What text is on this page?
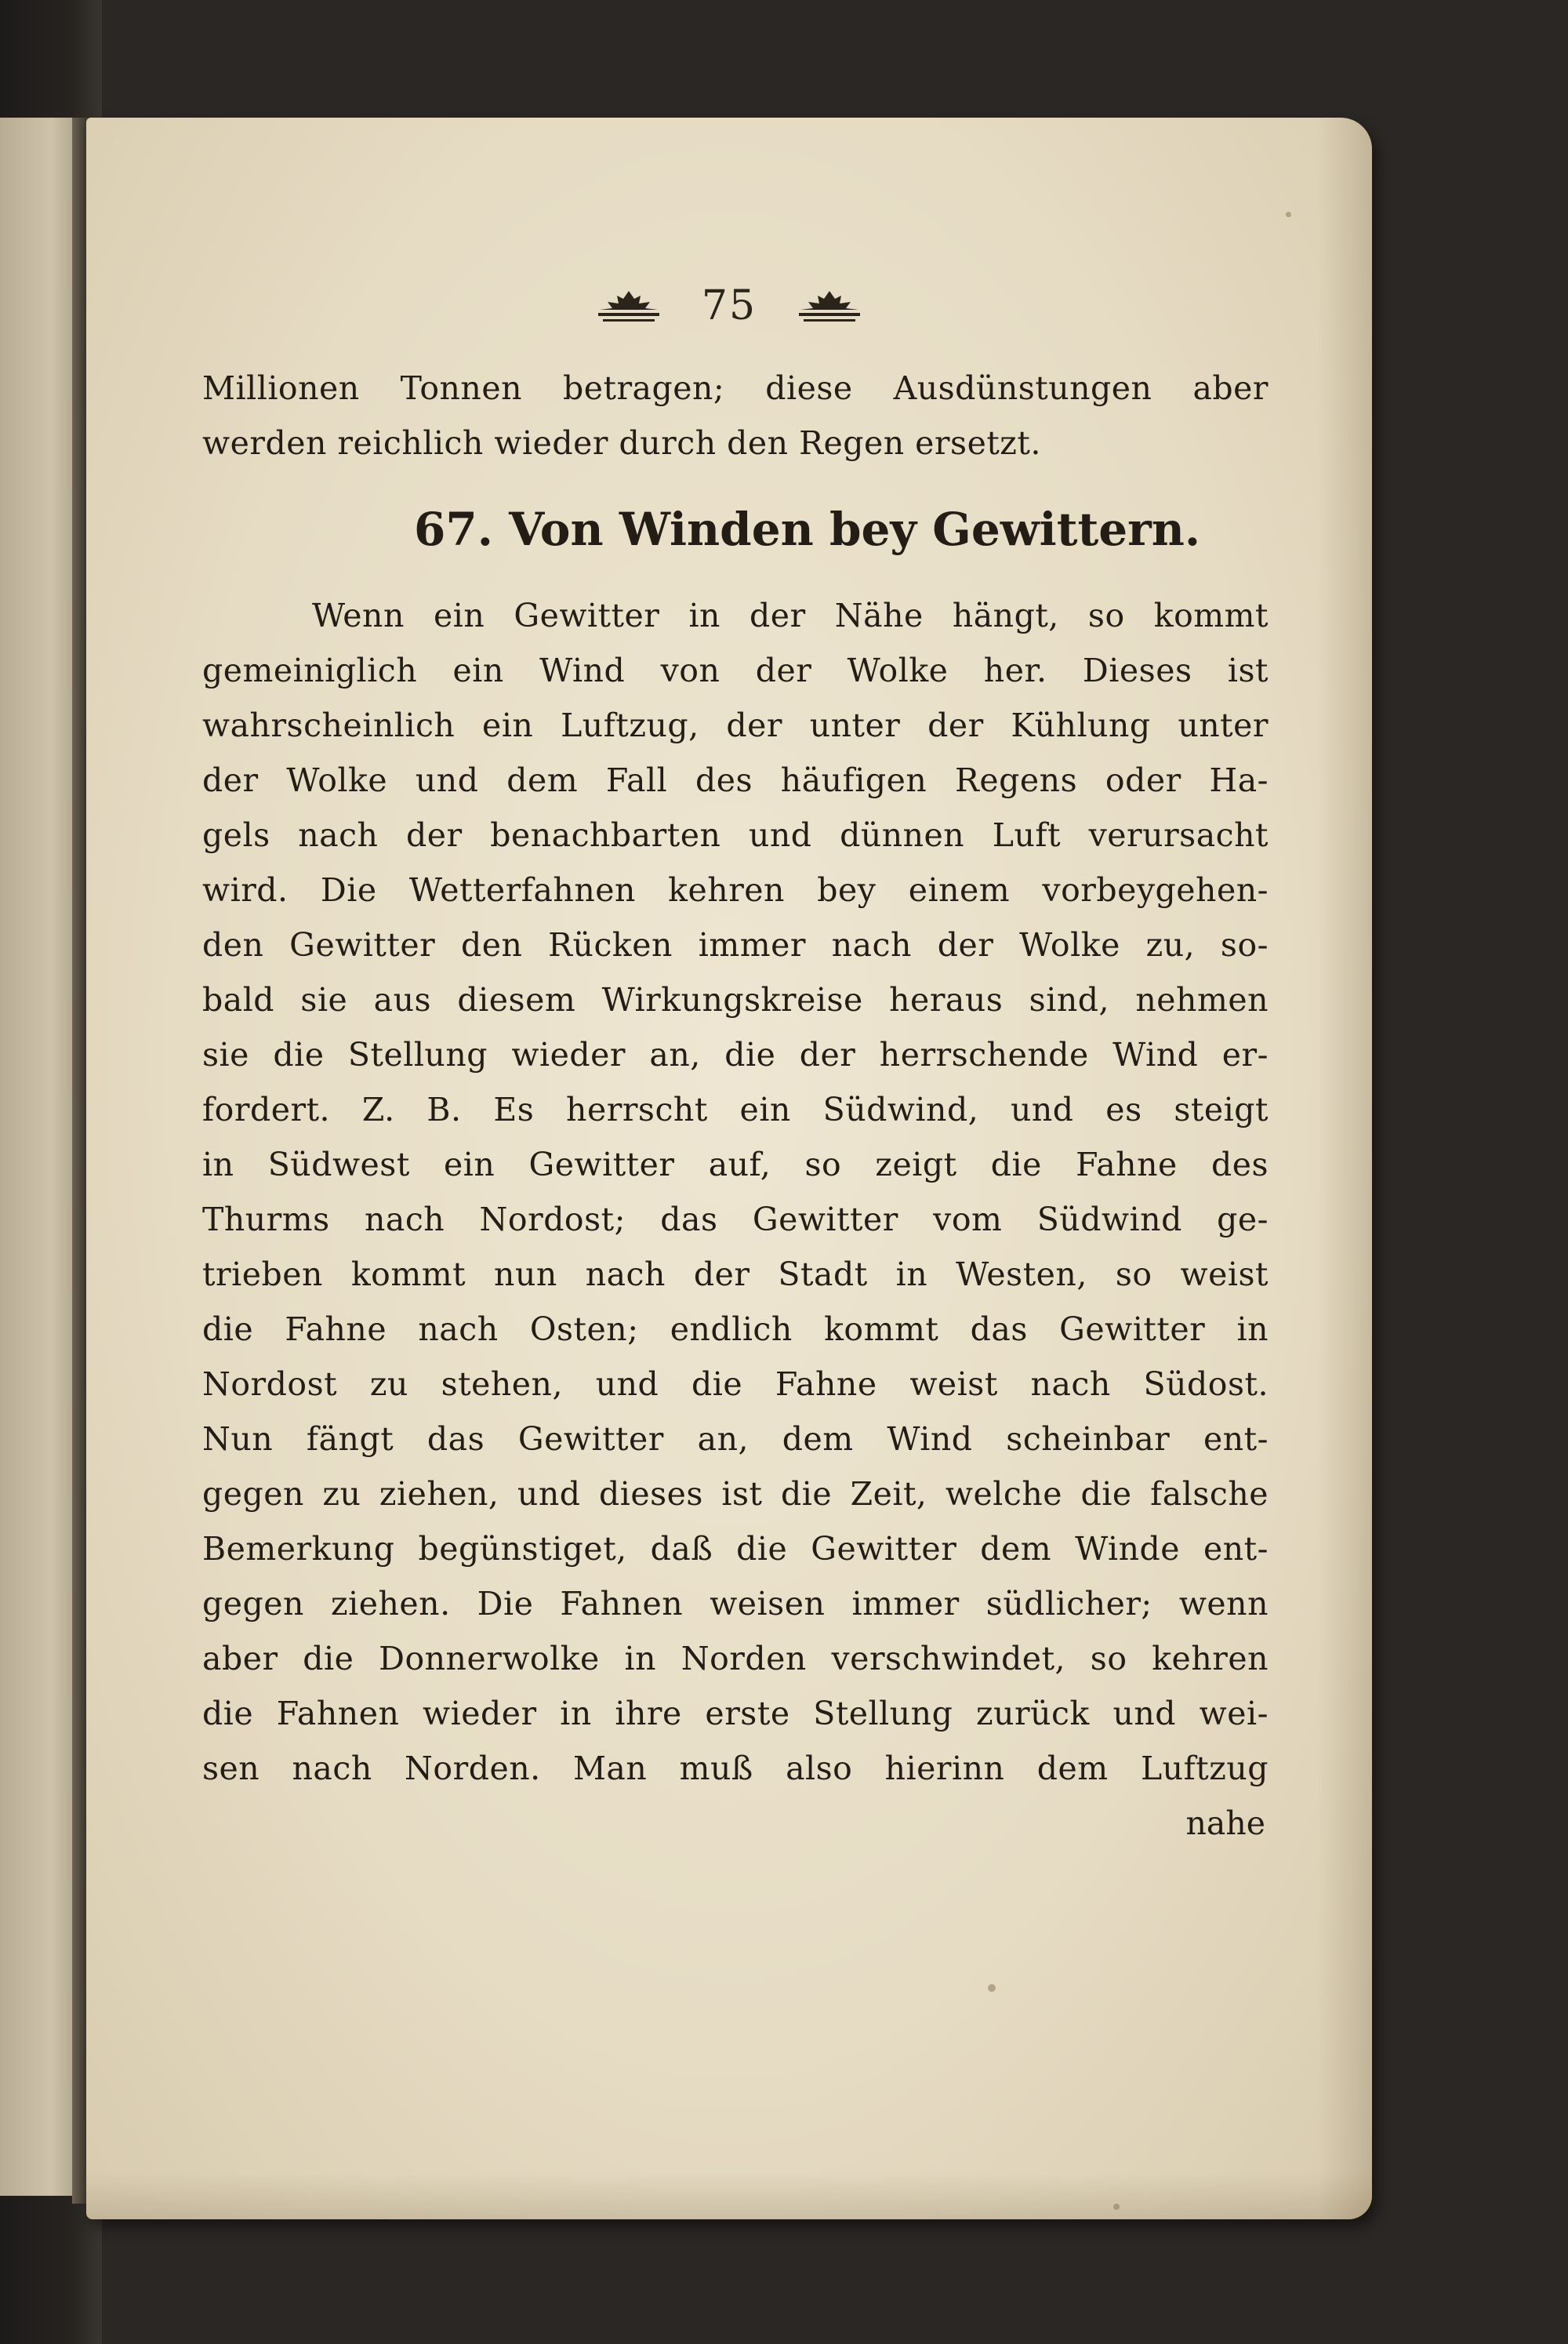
75
Millionen Tonnen betragen; diese Ausdünstungen aber
werden reichlich wieder durch den Regen ersetzt.
67. Von Winden bey Gewittern.
Wenn ein Gewitter in der Nähe hängt, so kommt
gemeiniglich ein Wind von der Wolke her. Dieses ist
wahrscheinlich ein Luftzug, der unter der Kühlung unter
der Wolke und dem Fall des häufigen Regens oder Ha-
gels nach der benachbarten und dünnen Luft verursacht
wird. Die Wetterfahnen kehren bey einem vorbeygehen-
den Gewitter den Rücken immer nach der Wolke zu, so-
bald sie aus diesem Wirkungskreise heraus sind, nehmen
sie die Stellung wieder an, die der herrschende Wind er-
fordert. Z. B. Es herrscht ein Südwind, und es steigt
in Südwest ein Gewitter auf, so zeigt die Fahne des
Thurms nach Nordost; das Gewitter vom Südwind ge-
trieben kommt nun nach der Stadt in Westen, so weist
die Fahne nach Osten; endlich kommt das Gewitter in
Nordost zu stehen, und die Fahne weist nach Südost.
Nun fängt das Gewitter an, dem Wind scheinbar ent-
gegen zu ziehen, und dieses ist die Zeit, welche die falsche
Bemerkung begünstiget, daß die Gewitter dem Winde ent-
gegen ziehen. Die Fahnen weisen immer südlicher; wenn
aber die Donnerwolke in Norden verschwindet, so kehren
die Fahnen wieder in ihre erste Stellung zurück und wei-
sen nach Norden. Man muß also hierinn dem Luftzug
nahe
